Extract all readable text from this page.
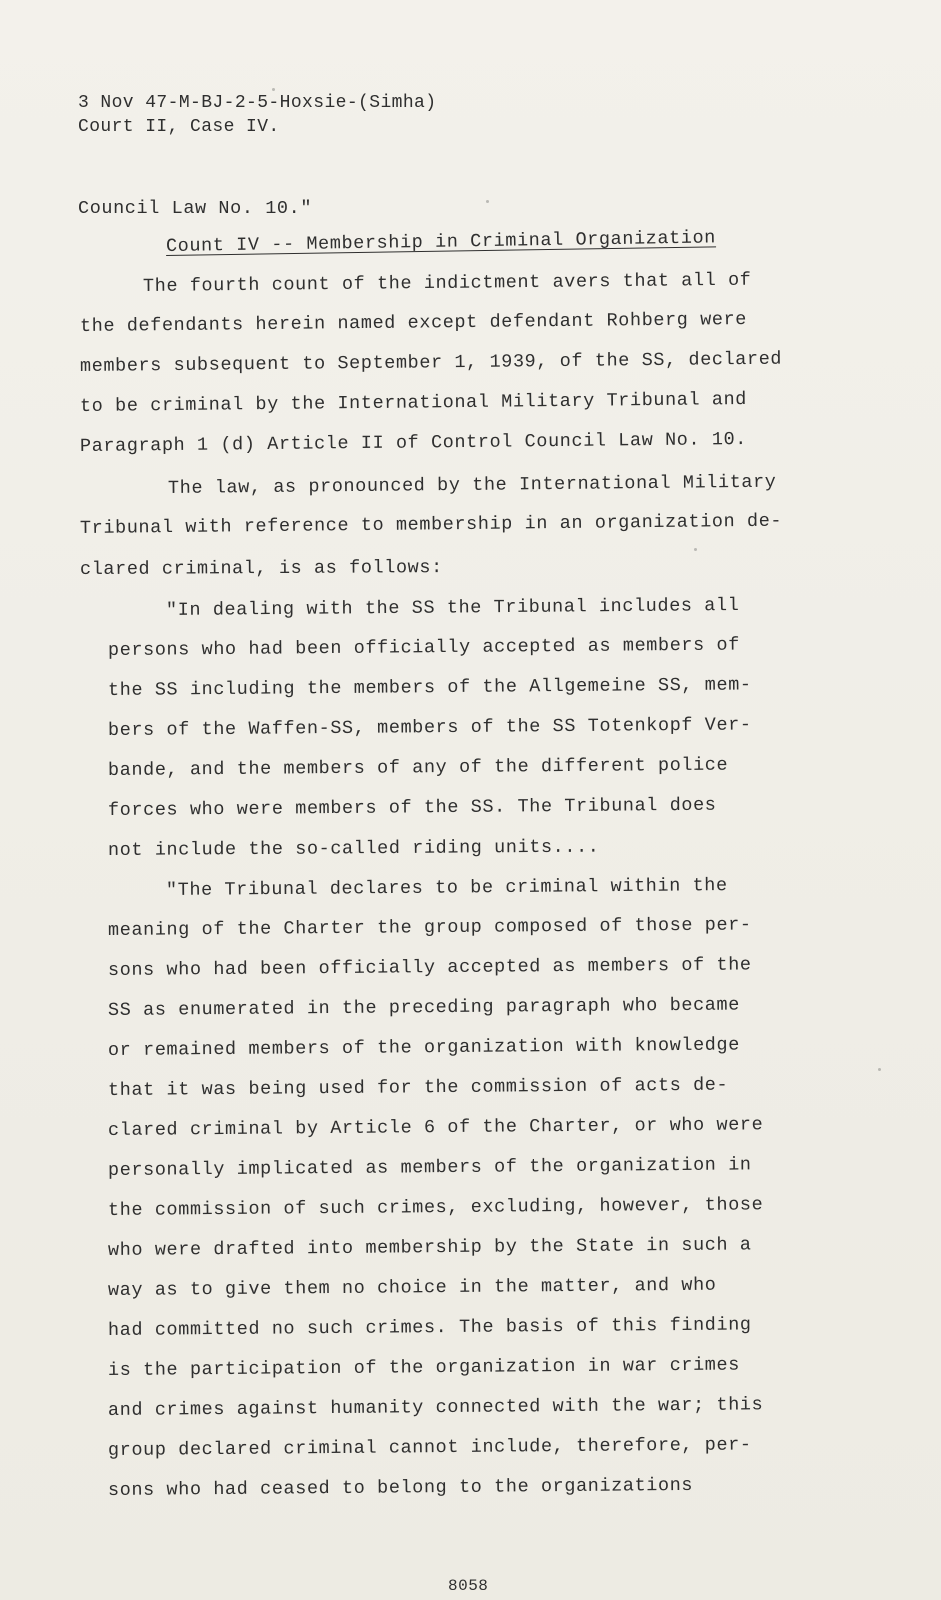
3 Nov 47-M-BJ-2-5-Hoxsie-(Simha)
Court II, Case IV.
Council Law No. 10."
Count IV -- Membership in Criminal Organization
The fourth count of the indictment avers that all of
the defendants herein named except defendant Rohberg were
members subsequent to September 1, 1939, of the SS, declared
to be criminal by the International Military Tribunal and
Paragraph 1 (d) Article II of Control Council Law No. 10.
The law, as pronounced by the International Military
Tribunal with reference to membership in an organization de-
clared criminal, is as follows:
"In dealing with the SS the Tribunal includes all
persons who had been officially accepted as members of
the SS including the members of the Allgemeine SS, mem-
bers of the Waffen-SS, members of the SS Totenkopf Ver-
bande, and the members of any of the different police
forces who were members of the SS. The Tribunal does
not include the so-called riding units....
"The Tribunal declares to be criminal within the
meaning of the Charter the group composed of those per-
sons who had been officially accepted as members of the
SS as enumerated in the preceding paragraph who became
or remained members of the organization with knowledge
that it was being used for the commission of acts de-
clared criminal by Article 6 of the Charter, or who were
personally implicated as members of the organization in
the commission of such crimes, excluding, however, those
who were drafted into membership by the State in such a
way as to give them no choice in the matter, and who
had committed no such crimes. The basis of this finding
is the participation of the organization in war crimes
and crimes against humanity connected with the war; this
group declared criminal cannot include, therefore, per-
sons who had ceased to belong to the organizations
8058
